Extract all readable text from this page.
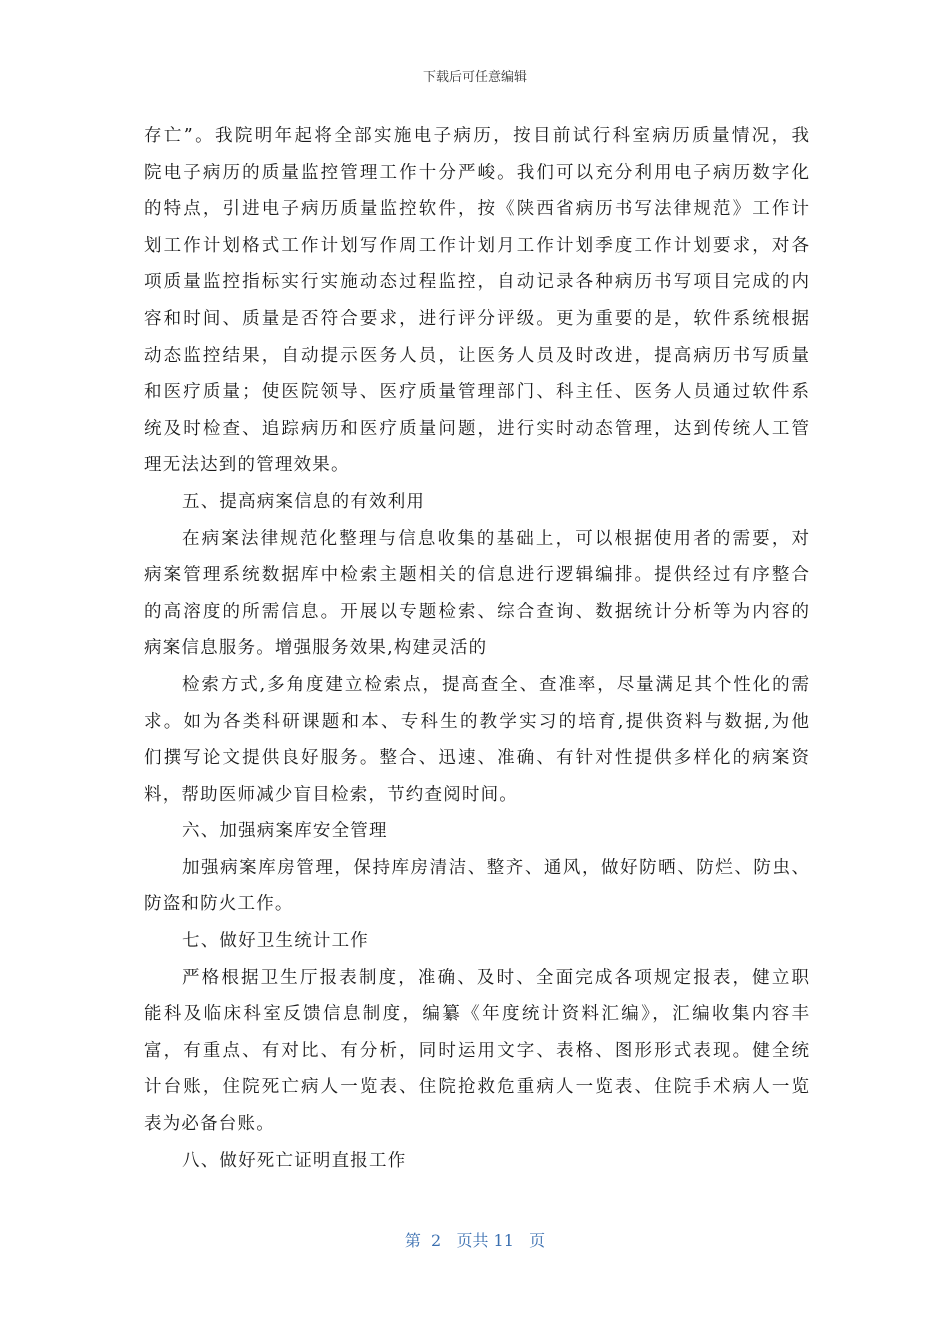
下载后可任意编辑
存亡”。我院明年起将全部实施电子病历，按目前试行科室病历质量情况，我
院电子病历的质量监控管理工作十分严峻。我们可以充分利用电子病历数字化
的特点，引进电子病历质量监控软件，按《陕西省病历书写法律规范》工作计
划工作计划格式工作计划写作周工作计划月工作计划季度工作计划要求，对各
项质量监控指标实行实施动态过程监控，自动记录各种病历书写项目完成的内
容和时间、质量是否符合要求，进行评分评级。更为重要的是，软件系统根据
动态监控结果，自动提示医务人员，让医务人员及时改进，提高病历书写质量
和医疗质量；使医院领导、医疗质量管理部门、科主任、医务人员通过软件系
统及时检查、追踪病历和医疗质量问题，进行实时动态管理，达到传统人工管
理无法达到的管理效果。
五、提高病案信息的有效利用
在病案法律规范化整理与信息收集的基础上，可以根据使用者的需要，对
病案管理系统数据库中检索主题相关的信息进行逻辑编排。提供经过有序整合
的高溶度的所需信息。开展以专题检索、综合查询、数据统计分析等为内容的
病案信息服务。增强服务效果,构建灵活的
检索方式,多角度建立检索点，提高查全、查准率，尽量满足其个性化的需
求。如为各类科研课题和本、专科生的教学实习的培育,提供资料与数据,为他
们撰写论文提供良好服务。整合、迅速、准确、有针对性提供多样化的病案资
料，帮助医师减少盲目检索，节约查阅时间。
六、加强病案库安全管理
加强病案库房管理，保持库房清洁、整齐、通风，做好防晒、防烂、防虫、
防盗和防火工作。
七、做好卫生统计工作
严格根据卫生厅报表制度，准确、及时、全面完成各项规定报表，健立职
能科及临床科室反馈信息制度，编纂《年度统计资料汇编》，汇编收集内容丰
富，有重点、有对比、有分析，同时运用文字、表格、图形形式表现。健全统
计台账，住院死亡病人一览表、住院抢救危重病人一览表、住院手术病人一览
表为必备台账。
八、做好死亡证明直报工作
第  2   页共 11   页
